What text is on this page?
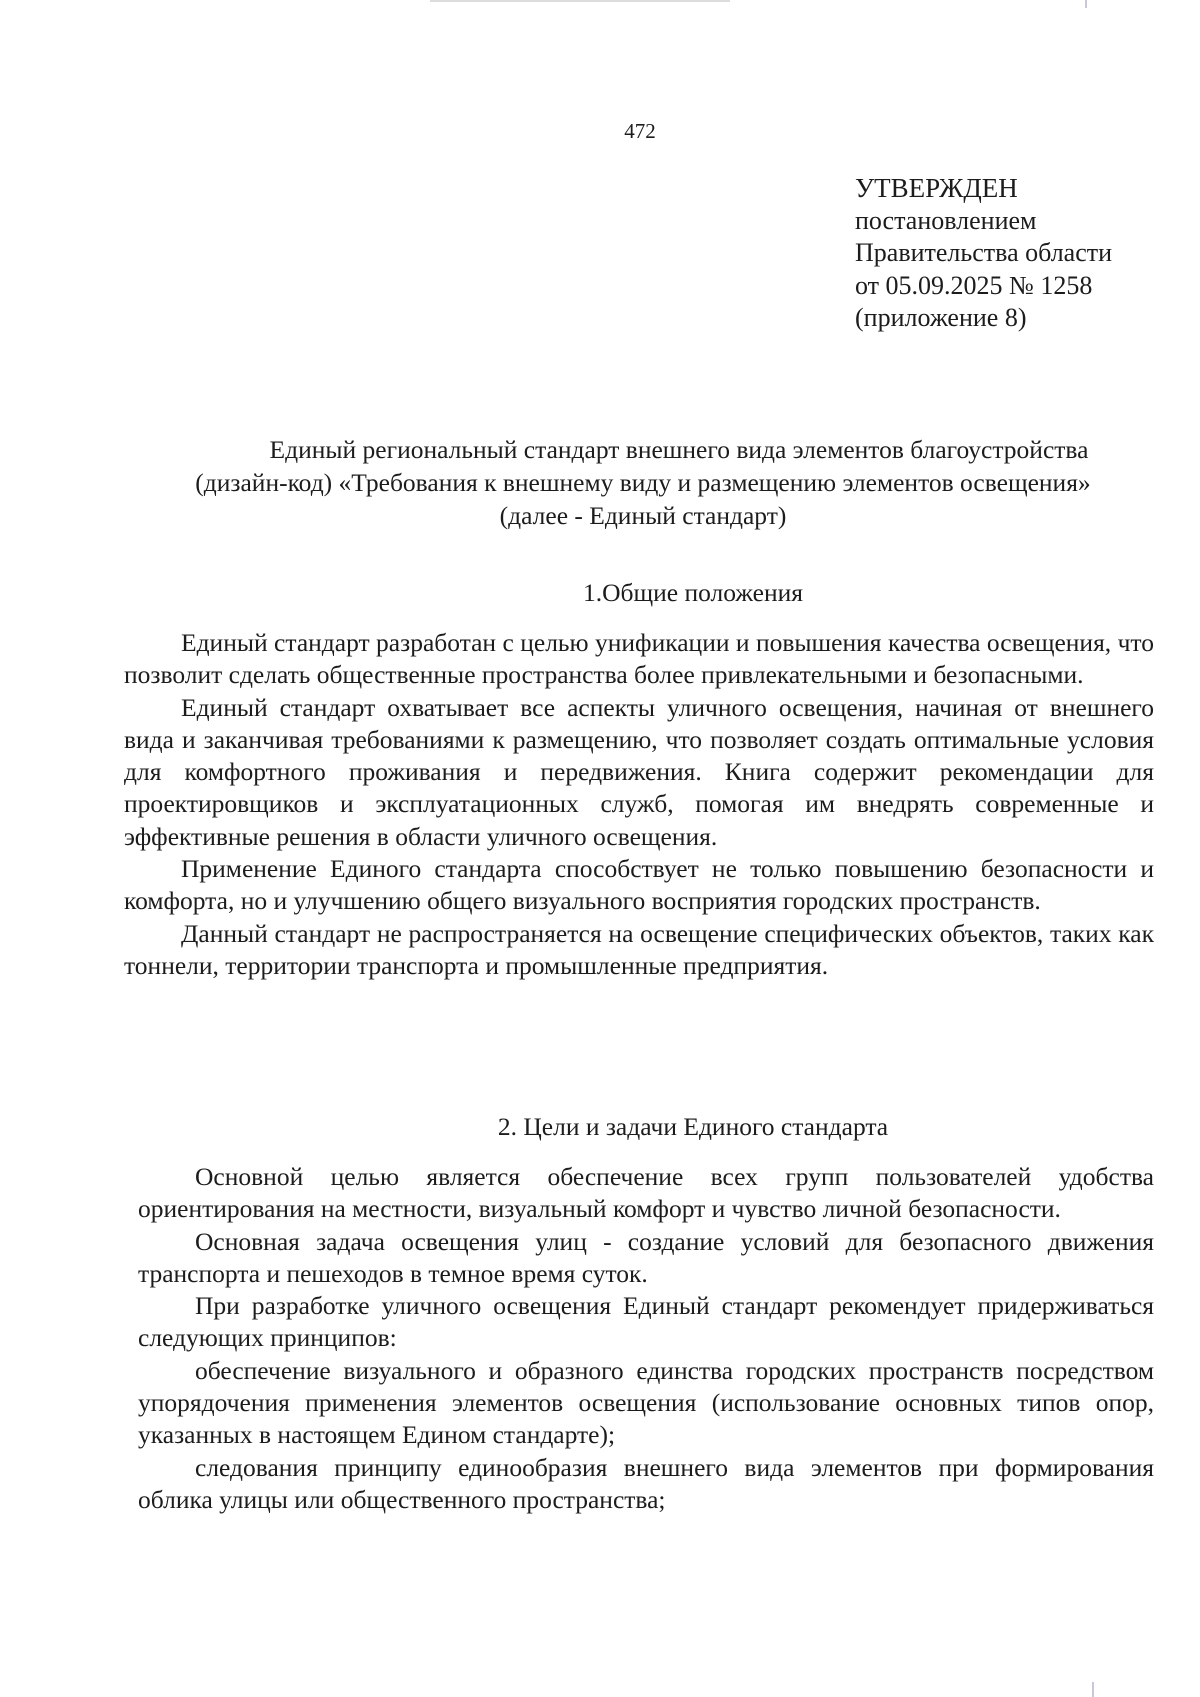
472
УТВЕРЖДЕН
постановлением
Правительства области
от 05.09.2025 № 1258
(приложение 8)
Единый региональный стандарт внешнего вида элементов благоустройства
(дизайн-код) «Требования к внешнему виду и размещению элементов освещения»
(далее - Единый стандарт)
1.Общие положения

Единый стандарт разработан с целью унификации и повышения качества освещения, что позволит сделать общественные пространства более привлекательными и безопасными.

Единый стандарт охватывает все аспекты уличного освещения, начиная от внешнего вида и заканчивая требованиями к размещению, что позволяет создать оптимальные условия для комфортного проживания и передвижения. Книга содержит рекомендации для проектировщиков и эксплуатационных служб, помогая им внедрять современные и эффективные решения в области уличного освещения.

Применение Единого стандарта способствует не только повышению безопасности и комфорта, но и улучшению общего визуального восприятия городских пространств.

Данный стандарт не распространяется на освещение специфических объектов, таких как тоннели, территории транспорта и промышленные предприятия.

2. Цели и задачи Единого стандарта

Основной целью является обеспечение всех групп пользователей удобства ориентирования на местности, визуальный комфорт и чувство личной безопасности.

Основная задача освещения улиц - создание условий для безопасного движения транспорта и пешеходов в темное время суток.

При разработке уличного освещения Единый стандарт рекомендует придерживаться следующих принципов:

обеспечение визуального и образного единства городских пространств посредством упорядочения применения элементов освещения (использование основных типов опор, указанных в настоящем Едином стандарте);

следования принципу единообразия внешнего вида элементов при формирования облика улицы или общественного пространства;
